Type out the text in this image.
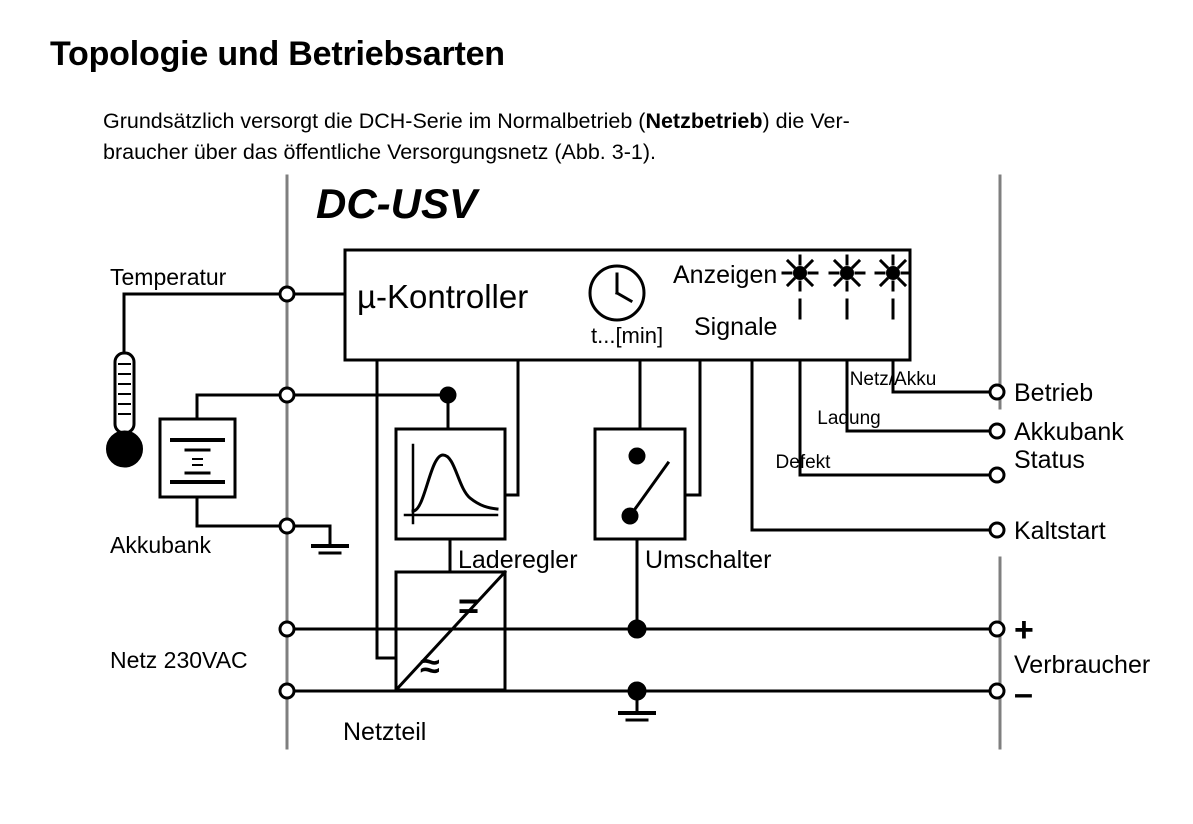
Topologie und Betriebsarten

Grundsätzlich versorgt die DCH-Serie im Normalbetrieb (Netzbetrieb) die Ver-
braucher über das öffentliche Versorgungsnetz (Abb. 3-1).

DC-USV
Temperatur
Akkubank
Netz 230VAC
µ-Kontroller
t...[min]
Anzeigen
Signale
Netz/Akku
Ladung
Defekt
Betrieb
Akkubank
Status
Kaltstart
+
Verbraucher
–
Laderegler	Umschalter
Netzteil
=
≈
